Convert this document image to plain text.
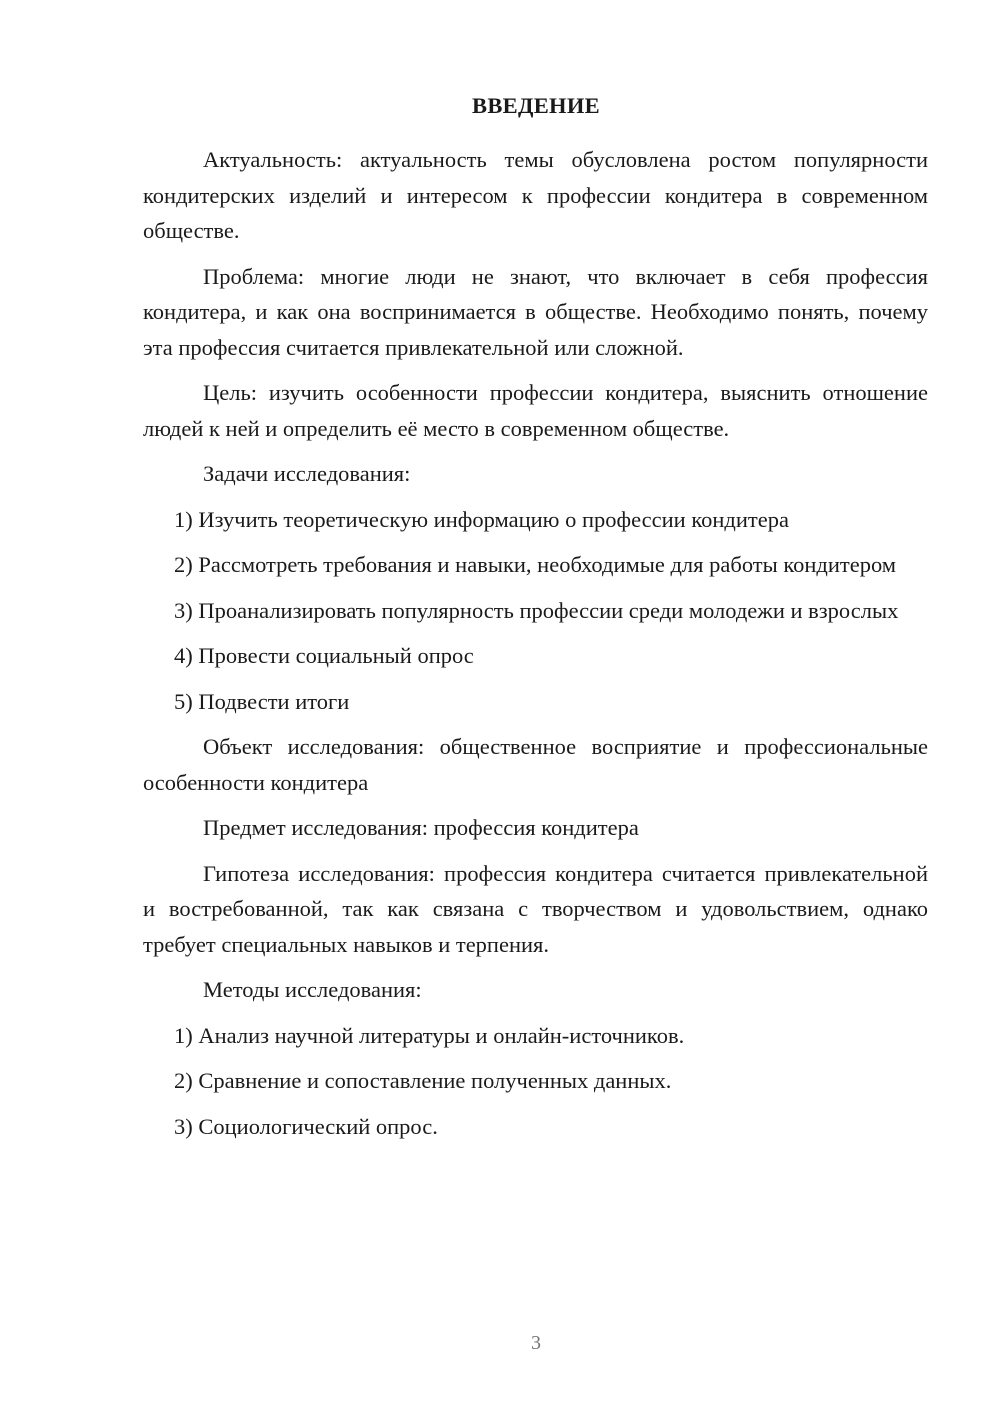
ВВЕДЕНИЕ

Актуальность: актуальность темы обусловлена ростом популярности кондитерских изделий и интересом к профессии кондитера в современном обществе.

Проблема: многие люди не знают, что включает в себя профессия кондитера, и как она воспринимается в обществе. Необходимо понять, почему эта профессия считается привлекательной или сложной.

Цель: изучить особенности профессии кондитера, выяснить отношение людей к ней и определить её место в современном обществе.

Задачи исследования:

1) Изучить теоретическую информацию о профессии кондитера

2) Рассмотреть требования и навыки, необходимые для работы кондитером

3) Проанализировать популярность профессии среди молодежи и взрослых

4) Провести социальный опрос

5) Подвести итоги

Объект исследования: общественное восприятие и профессиональные особенности кондитера

Предмет исследования: профессия кондитера

Гипотеза исследования: профессия кондитера считается привлекательной и востребованной, так как связана с творчеством и удовольствием, однако требует специальных навыков и терпения.

Методы исследования:

1) Анализ научной литературы и онлайн-источников.

2) Сравнение и сопоставление полученных данных.

3) Социологический опрос.

3
